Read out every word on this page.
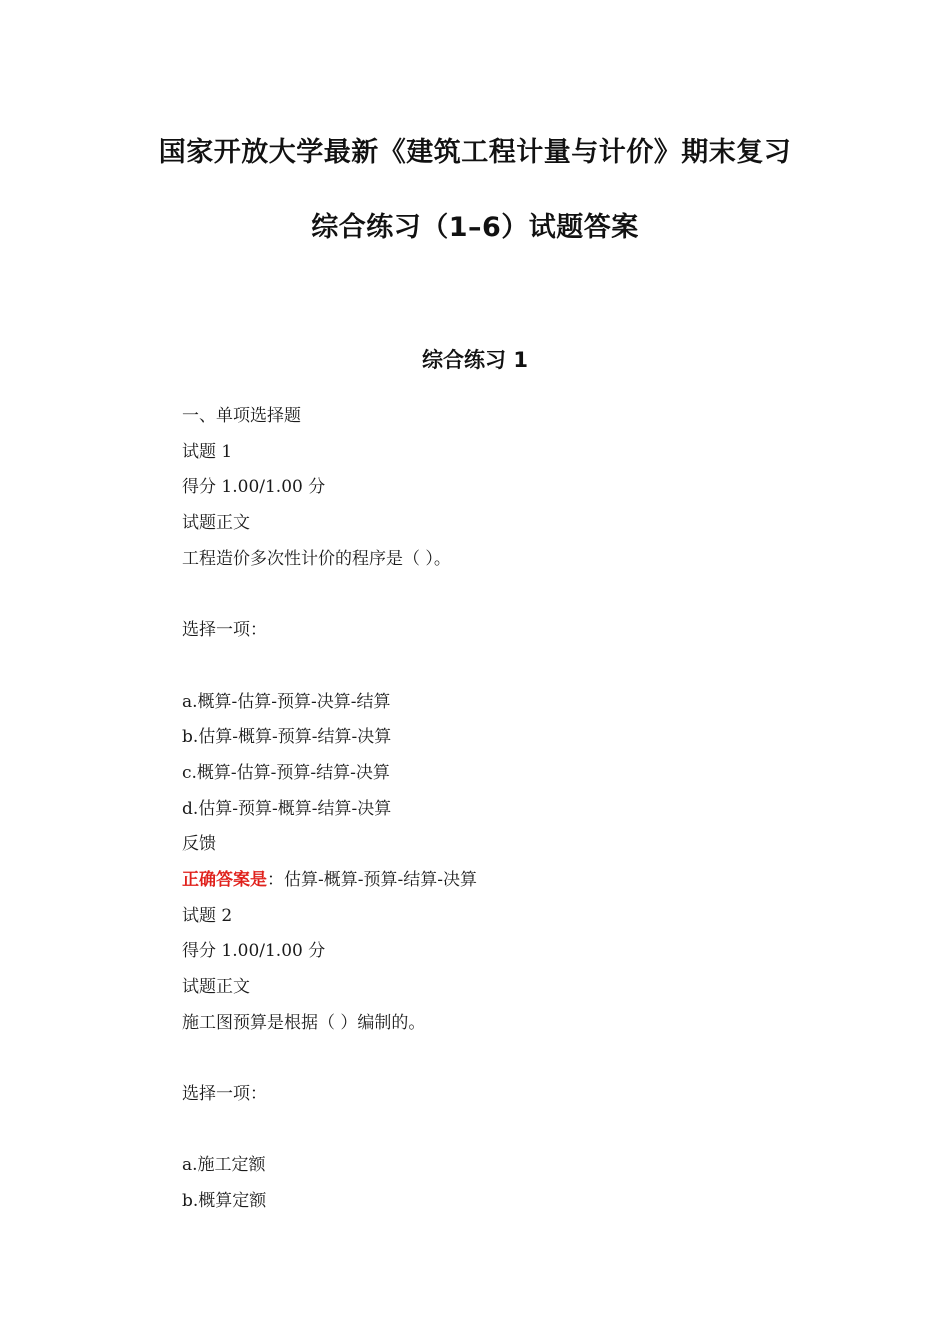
国家开放大学最新《建筑工程计量与计价》期末复习
综合练习（1–6）试题答案
综合练习 1
一、单项选择题
试题 1
得分 1.00/1.00 分
试题正文
工程造价多次性计价的程序是（ ）。
选择一项：
a.概算-估算-预算-决算-结算
b.估算-概算-预算-结算-决算
c.概算-估算-预算-结算-决算
d.估算-预算-概算-结算-决算
反馈
正确答案是：估算-概算-预算-结算-决算
试题 2
得分 1.00/1.00 分
试题正文
施工图预算是根据（ ）编制的。
选择一项：
a.施工定额
b.概算定额
